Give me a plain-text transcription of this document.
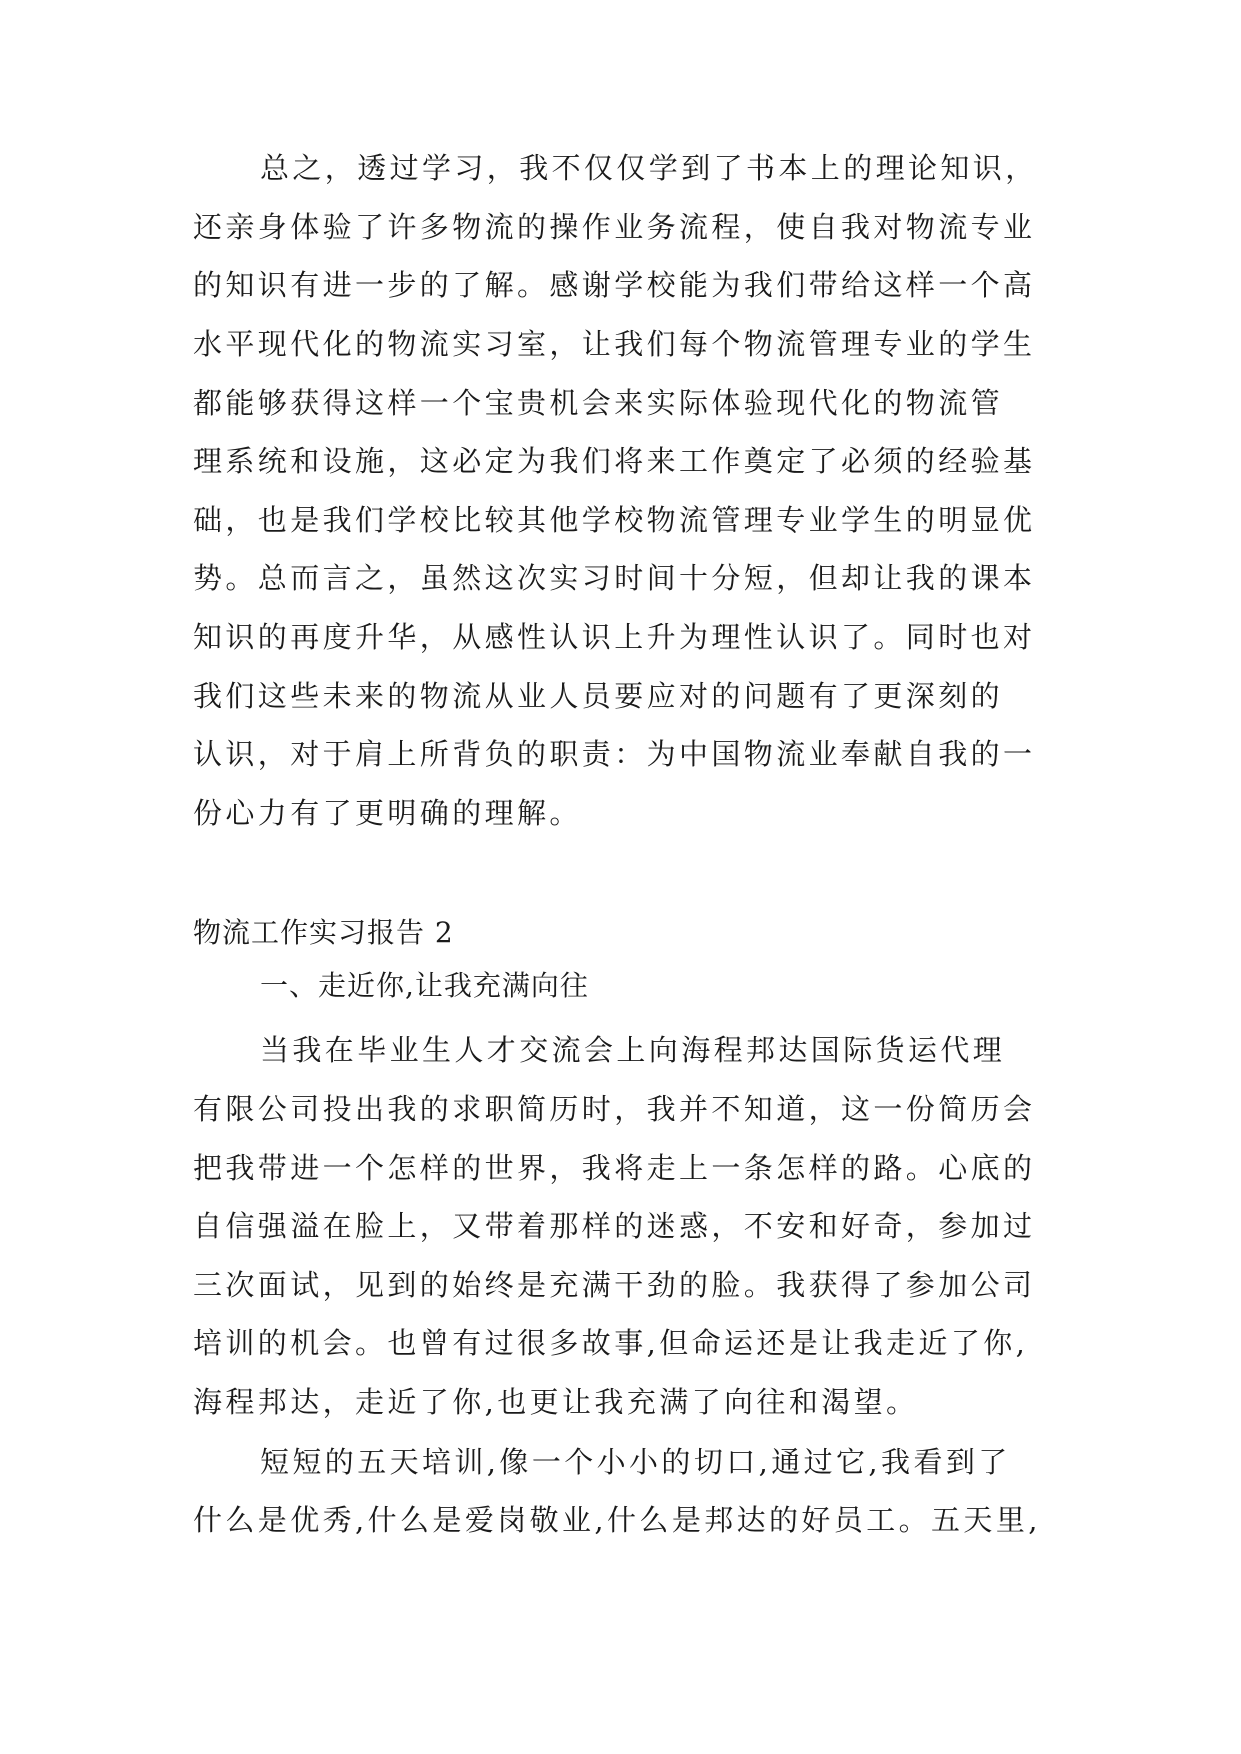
总之，透过学习，我不仅仅学到了书本上的理论知识，
还亲身体验了许多物流的操作业务流程，使自我对物流专业
的知识有进一步的了解。感谢学校能为我们带给这样一个高
水平现代化的物流实习室，让我们每个物流管理专业的学生
都能够获得这样一个宝贵机会来实际体验现代化的物流管
理系统和设施，这必定为我们将来工作奠定了必须的经验基
础，也是我们学校比较其他学校物流管理专业学生的明显优
势。总而言之，虽然这次实习时间十分短，但却让我的课本
知识的再度升华，从感性认识上升为理性认识了。同时也对
我们这些未来的物流从业人员要应对的问题有了更深刻的
认识，对于肩上所背负的职责：为中国物流业奉献自我的一
份心力有了更明确的理解。
物流工作实习报告 2
一、走近你,让我充满向往
当我在毕业生人才交流会上向海程邦达国际货运代理
有限公司投出我的求职简历时，我并不知道，这一份简历会
把我带进一个怎样的世界，我将走上一条怎样的路。心底的
自信强溢在脸上，又带着那样的迷惑，不安和好奇，参加过
三次面试，见到的始终是充满干劲的脸。我获得了参加公司
培训的机会。也曾有过很多故事,但命运还是让我走近了你,
海程邦达，走近了你,也更让我充满了向往和渴望。
短短的五天培训,像一个小小的切口,通过它,我看到了
什么是优秀,什么是爱岗敬业,什么是邦达的好员工。五天里,
